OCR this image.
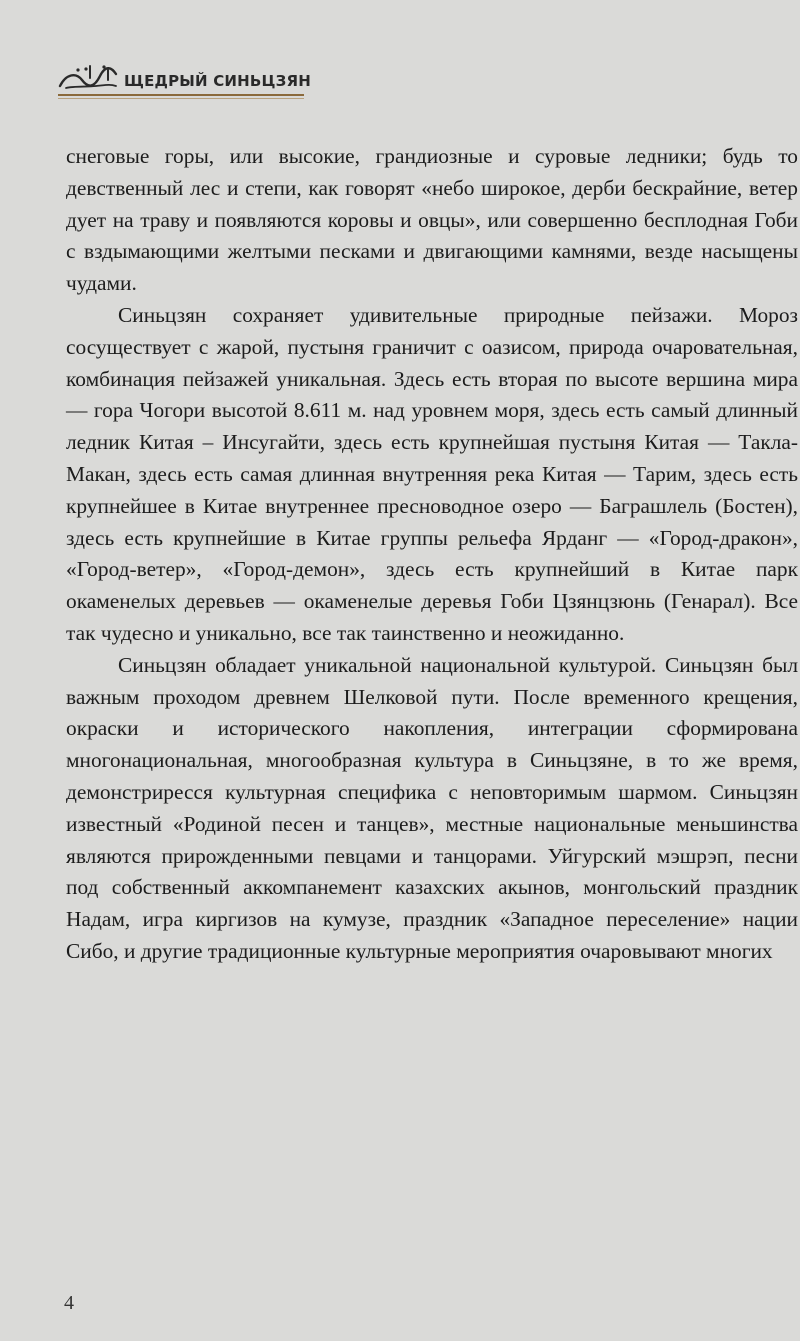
ЩЕДРЫЙ СИНЬЦЗЯН

снеговые горы, или высокие, грандиозные и суровые ледники; будь то девственный лес и степи, как говорят «небо широкое, дерби бескрайние, ветер дует на траву и появляются коровы и овцы», или совершенно бесплодная Гоби с вздымающими желтыми песками и двигающими камнями, везде насыщены чудами.

Синьцзян сохраняет удивительные природные пейзажи. Мороз сосуществует с жарой, пустыня граничит с оазисом, природа очаровательная, комбинация пейзажей уникальная. Здесь есть вторая по высоте вершина мира — гора Чогори высотой 8.611 м. над уровнем моря, здесь есть самый длинный ледник Китая – Инсугайти, здесь есть крупнейшая пустыня Китая — Такла-Макан, здесь есть самая длинная внутренняя река Китая — Тарим, здесь есть крупнейшее в Китае внутреннее пресноводное озеро — Баграшлель (Бостен), здесь есть крупнейшие в Китае группы рельефа Ярданг — «Город-дракон», «Город-ветер», «Город-демон», здесь есть крупнейший в Китае парк окаменелых деревьев — окаменелые деревья Гоби Цзянцзюнь (Генарал). Все так чудесно и уникально, все так таинственно и неожиданно.

Синьцзян обладает уникальной национальной культурой. Синьцзян был важным проходом древнем Шелковой пути. После временного крещения, окраски и исторического накопления, интеграции сформирована многонациональная, многообразная культура в Синьцзяне, в то же время, демонстриресся культурная специфика с неповторимым шармом. Синьцзян известный «Родиной песен и танцев», местные национальные меньшинства являются прирожденными певцами и танцорами. Уйгурский мэшрэп, песни под собственный аккомпанемент казахских акынов, монгольский праздник Надам, игра киргизов на кумузе, праздник «Западное переселение» нации Сибо, и другие традиционные культурные мероприятия очаровывают многих

4
